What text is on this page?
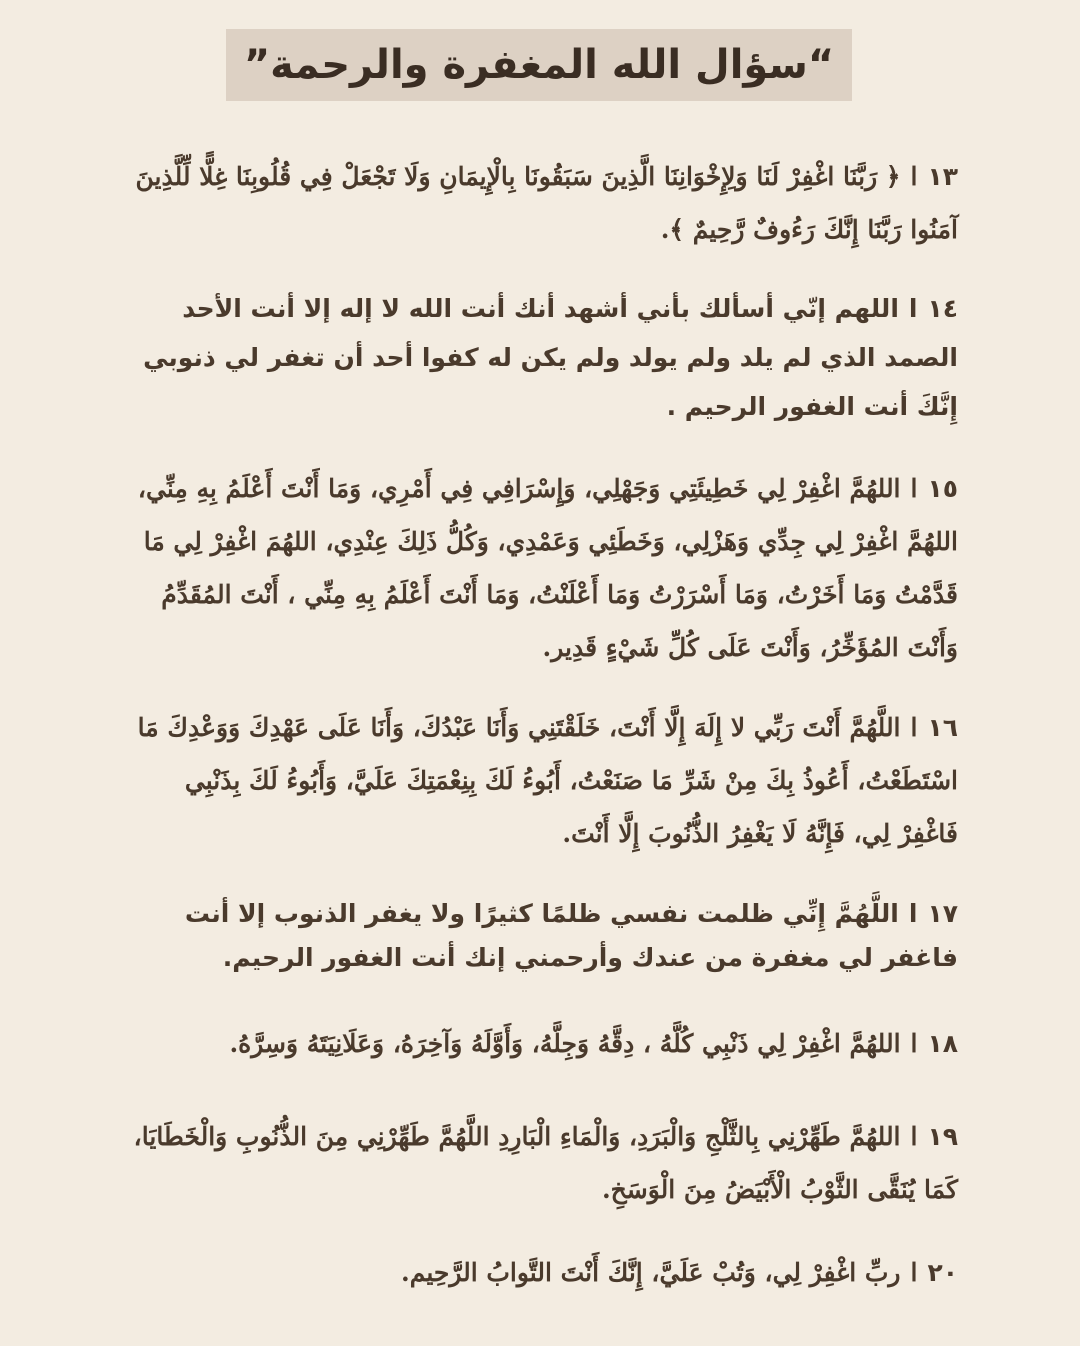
“سؤال الله المغفرة والرحمة”

١٣ا﴿ رَبَّنَا اغْفِرْ لَنَا وَلِإِخْوَانِنَا الَّذِينَ سَبَقُونَا بِالْإِيمَانِ وَلَا تَجْعَلْ فِي قُلُوبِنَا غِلًّا لِّلَّذِينَ آمَنُوا رَبَّنَا إِنَّكَ رَءُوفٌ رَّحِيمٌ ﴾.

١٤االلهم إنّي أسألك بأني أشهد أنك أنت الله لا إله إلا أنت الأحد الصمد الذي لم يلد ولم يولد ولم يكن له كفوا أحد أن تغفر لي ذنوبي إِنَّكَ أنت الغفور الرحيم .

١٥االلهُمَّ اغْفِرْ لِي خَطِيئَتِي وَجَهْلِي، وَإِسْرَافِي فِي أَمْرِي، وَمَا أَنْتَ أَعْلَمُ بِهِ مِنِّي، اللهُمَّ اغْفِرْ لِي جِدِّي وَهَزْلِي، وَخَطَئِي وَعَمْدِي، وَكُلُّ ذَلِكَ عِنْدِي، اللهُمَ اغْفِرْ لِي مَا قَدَّمْتُ وَمَا أَخَرْتُ، وَمَا أَسْرَرْتُ وَمَا أَعْلَنْتُ، وَمَا أَنْتَ أَعْلَمُ بِهِ مِنِّي ، أَنْتَ المُقَدِّمُ وَأَنْتَ المُؤَخِّرُ، وَأَنْتَ عَلَى كُلِّ شَيْءٍ قَدِير.

١٦االلَّهُمَّ أَنْتَ رَبِّي لا إِلَهَ إِلَّا أَنْتَ، خَلَقْتَنِي وَأَنَا عَبْدُكَ، وَأَنَا عَلَى عَهْدِكَ وَوَعْدِكَ مَا اسْتَطَعْتُ، أَعُوذُ بِكَ مِنْ شَرِّ مَا صَنَعْتُ، أَبُوءُ لَكَ بِنِعْمَتِكَ عَلَيَّ، وَأَبُوءُ لَكَ بِذَنْبِي فَاغْفِرْ لِي، فَإِنَّهُ لَا يَغْفِرُ الذُّنُوبَ إِلَّا أَنْتَ.

١٧االلَّهُمَّ إِنِّي ظلمت نفسي ظلمًا كثيرًا ولا يغفر الذنوب إلا أنت فاغفر لي مغفرة من عندك وأرحمني إنك أنت الغفور الرحيم.

١٨االلهُمَّ اغْفِرْ لِي ذَنْبِي كُلَّهُ ، دِقَّهُ وَجِلَّهُ، وَأَوَّلَهُ وَآخِرَهُ، وَعَلَانِيَتَهُ وَسِرَّهُ.

١٩االلهُمَّ طَهِّرْنِي بِالثَّلْجِ وَالْبَرَدِ، وَالْمَاءِ الْبَارِدِ اللَّهُمَّ طَهِّرْنِي مِنَ الذُّنُوبِ وَالْخَطَايَا، كَمَا يُنَقَّى الثَّوْبُ الْأَبْيَضُ مِنَ الْوَسَخِ.

٢٠اربِّ اغْفِرْ لِي، وَتُبْ عَلَيَّ، إِنَّكَ أَنْتَ التَّوابُ الرَّحِيم.
